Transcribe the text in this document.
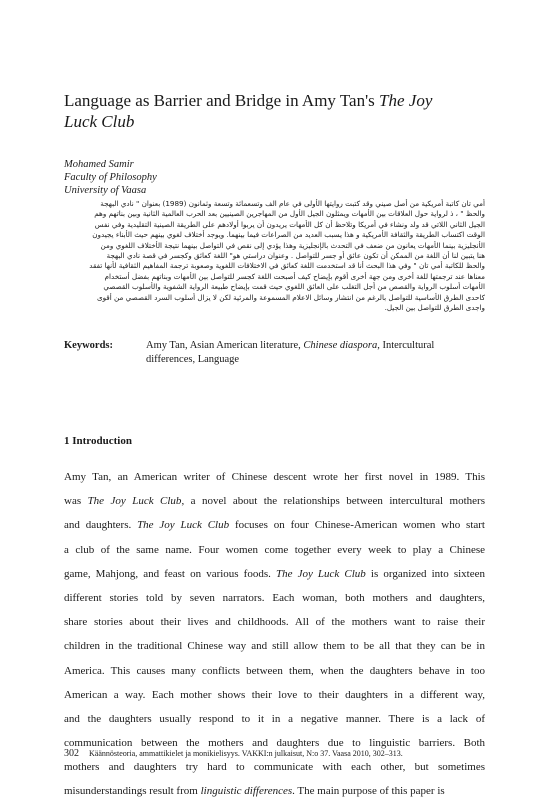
Language as Barrier and Bridge in Amy Tan's The Joy Luck Club
Mohamed Samir
Faculty of Philosophy
University of Vaasa
أمي تان كاتبة أمريكية من أصل صيني وقد كتبت روايتها الأولى في عام الف وتسعمائة وتسعة وثمانون (1989) بعنوان " نادي البهجة
والحظ " ، ذ لرواية حول العلاقات بين الأمهات ويمثلون الجيل الأول من المهاجرين الصينيين بعد الحرب العالمية الثانية وبين بناتهم وهم
الجيل الثاني اللاتي قد ولد ونشاء في أمريكا وتلاحظ أن كل الأمهات يريدون أن يربوا أولادهم على الطريقة الصينية التقليدية وفي نفس
الوقت اكتساب الطريقة والثقافة الأمريكية و هذا يسبب العديد من الصراعات فيما بينهما. ويوجد أختلاف لغوي بينهم حيث الأبناء يجيدون
الأنجليزية بينما الأمهات يعانون من ضعف في التحدث بالإنجليزية وهذا يؤدي إلى نقص في التواصل بينهما نتيجة الأختلاف اللغوي ومن
هنا يتبين لنا أن اللغة من الممكن أن تكون عائق أو جسر للتواصل . وعنوان دراستي هو" اللغة كعائق وكجسر في قصة نادي البهجة
والحظ للكاتبة أمي تان " وفي هذا البحث أنا قد استخدمت اللغة كعائق في الاختلافات اللغوية وصعوبة ترجمة المفاهيم الثقافية لأنها تفقد
معناها عند ترجمتها للغة أخرى ومن جهة أخرى أقوم بإيضاح كيف أصبحت اللغة كجسر للتواصل بين الأمهات وبناتهم بفضل أستخدام
الأمهات أسلوب الرواية والقصص من أجل التغلب على العائق اللغوي حيث قمت بإيضاح طبيعة الرواية الشفوية والأسلوب القصصي
كاحدى الطرق الأساسية للتواصل بالرغم من انتشار وسائل الاعلام المسموعة والمرئية لكن لا يزال أسلوب السرد القصصي من أقوى
واجدى الطرق للتواصل بين الجيل.
Keywords:	Amy Tan, Asian American literature, Chinese diaspora, Intercultural differences, Language
1 Introduction
Amy Tan, an American writer of Chinese descent wrote her first novel in 1989. This
was The Joy Luck Club, a novel about the relationships between intercultural mothers
and daughters. The Joy Luck Club focuses on four Chinese-American women who start
a club of the same name. Four women come together every week to play a Chinese
game, Mahjong, and feast on various foods. The Joy Luck Club is organized into sixteen
different stories told by seven narrators. Each woman, both mothers and daughters,
share stories about their lives and childhoods. All of the mothers want to raise their
children in the traditional Chinese way and still allow them to be all that they can be in
America. This causes many conflicts between them, when the daughters behave in too
American a way. Each mother shows their love to their daughters in a different way,
and the daughters usually respond to it in a negative manner. There is a lack of
communication between the mothers and daughters due to linguistic barriers. Both
mothers and daughters try hard to communicate with each other, but sometimes
misunderstandings result from linguistic differences. The main purpose of this paper is
302 Käännösteoria, ammattikielet ja monikielisyys. VAKKI:n julkaisut, N:o 37. Vaasa 2010, 302–313.
